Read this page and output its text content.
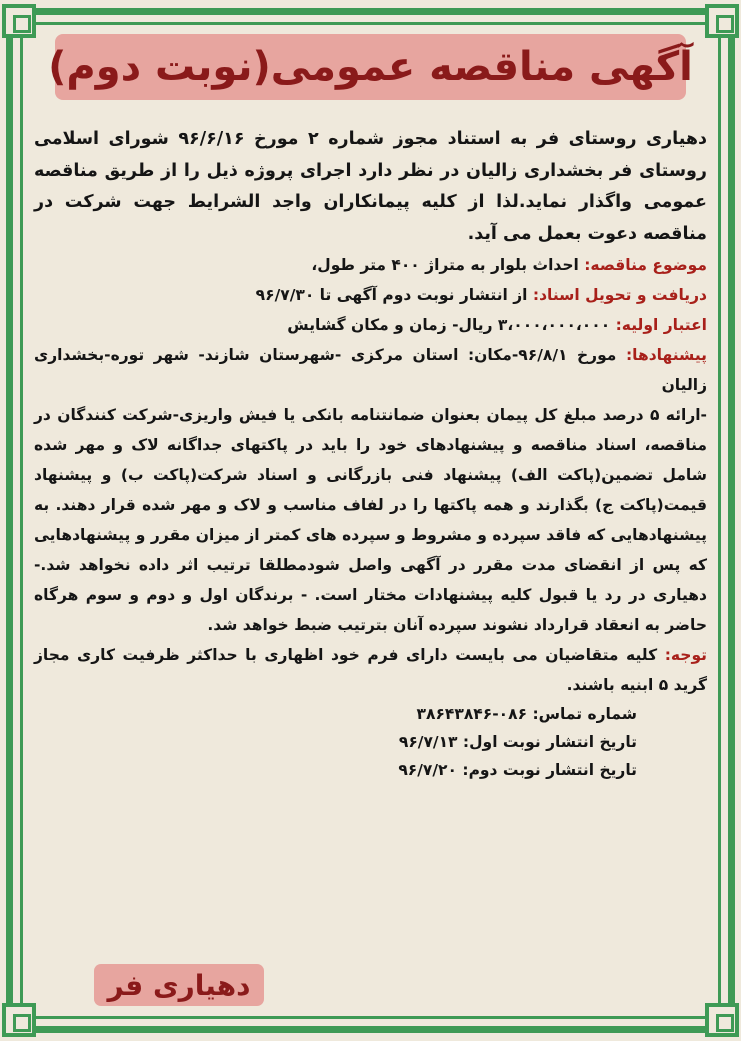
آگهی مناقصه عمومی(نوبت دوم)

دهیاری روستای فر به استناد مجوز شماره ۲ مورخ ۹۶/۶/۱۶ شورای اسلامی روستای فر بخشداری زالیان در نظر دارد اجرای پروژه ذیل را از طریق مناقصه عمومی واگذار نماید.لذا از کلیه پیمانکاران واجد الشرایط جهت شرکت در مناقصه دعوت بعمل می آید.

موضوع مناقصه: احداث بلوار به متراژ ۴۰۰ متر طول،

دریافت و تحویل اسناد: از انتشار نوبت دوم آگهی تا ۹۶/۷/۳۰

اعتبار اولیه: ۳،۰۰۰،۰۰۰،۰۰۰ ریال- زمان و مکان گشایش

پیشنهادها: مورخ ۹۶/۸/۱-مکان: استان مرکزی -شهرستان شازند- شهر توره-بخشداری زالیان

-ارائه ۵ درصد مبلغ کل پیمان بعنوان ضمانتنامه بانکی یا فیش واریزی-شرکت کنندگان در مناقصه، اسناد مناقصه و پیشنهادهای خود را باید در پاکتهای جداگانه لاک و مهر شده شامل تضمین(پاکت الف) پیشنهاد فنی بازرگانی و اسناد شرکت(پاکت ب) و پیشنهاد قیمت(پاکت ج) بگذارند و همه پاکتها را در لفاف مناسب و لاک و مهر شده قرار دهند. به پیشنهادهایی که فاقد سپرده و مشروط و سپرده های کمتر از میزان مقرر و پیشنهادهایی که پس از انقضای مدت مقرر در آگهی واصل شودمطلقا ترتیب اثر داده نخواهد شد.- دهیاری در رد یا قبول کلیه پیشنهادات مختار است. - برندگان اول و دوم و سوم هرگاه حاضر به انعقاد قرارداد نشوند سپرده آنان بترتیب ضبط خواهد شد.

توجه: کلیه متقاضیان می بایست دارای فرم خود اظهاری با حداکثر ظرفیت کاری مجاز گرید ۵ ابنیه باشند.

شماره تماس: ۰۸۶-۳۸۶۴۳۸۴۶

تاریخ انتشار نوبت اول: ۹۶/۷/۱۳

تاریخ انتشار نوبت دوم: ۹۶/۷/۲۰

دهیاری فر
